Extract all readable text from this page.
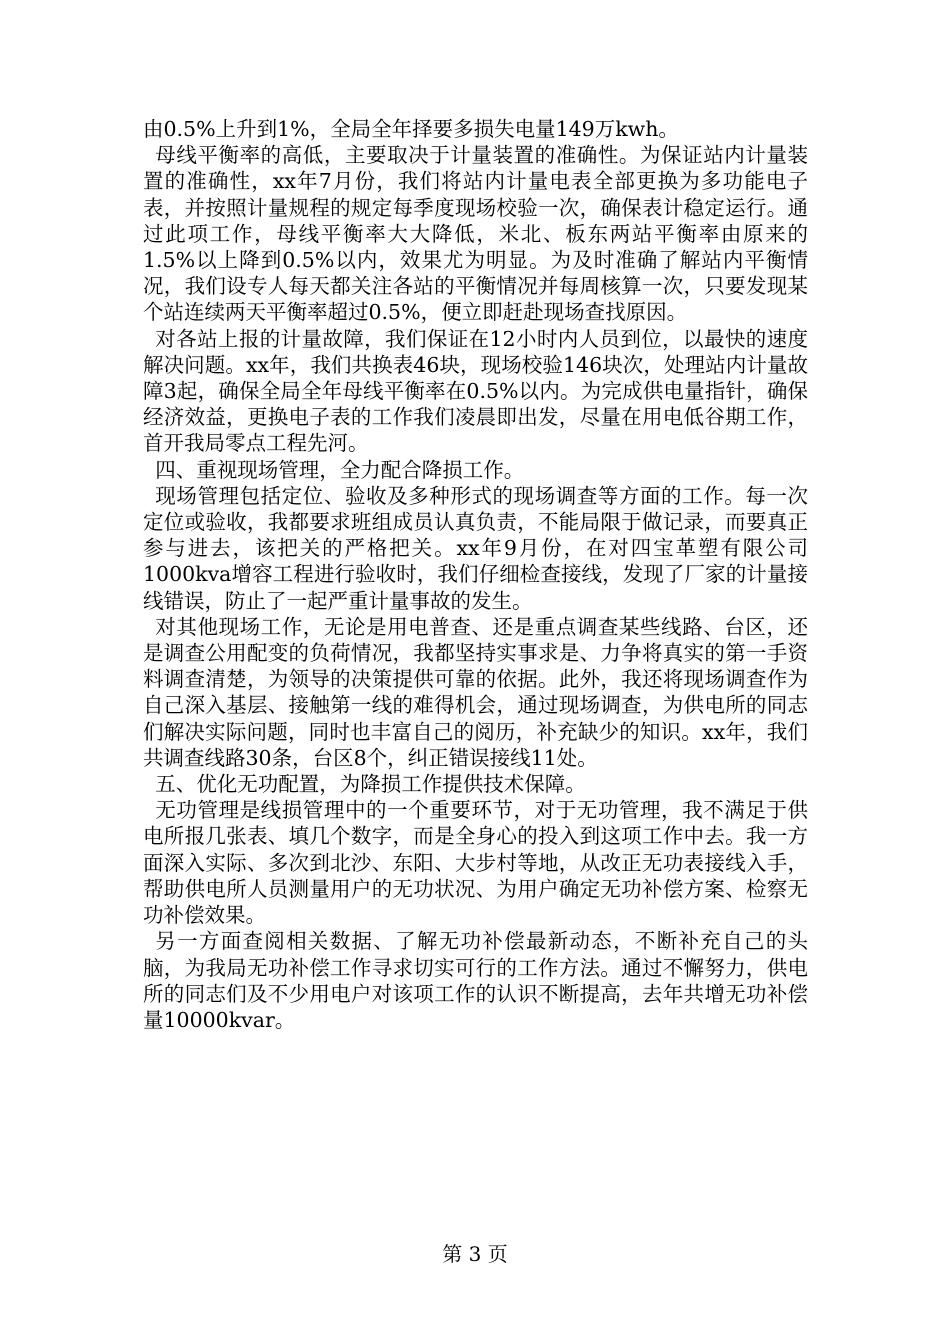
由0.5%上升到1%，全局全年择要多损失电量149万kwh。

母线平衡率的高低，主要取决于计量装置的准确性。为保证站内计量装置的准确性，xx年7月份，我们将站内计量电表全部更换为多功能电子表，并按照计量规程的规定每季度现场校验一次，确保表计稳定运行。通过此项工作，母线平衡率大大降低，米北、板东两站平衡率由原来的1.5%以上降到0.5%以内，效果尤为明显。为及时准确了解站内平衡情况，我们设专人每天都关注各站的平衡情况并每周核算一次，只要发现某个站连续两天平衡率超过0.5%，便立即赶赴现场查找原因。

对各站上报的计量故障，我们保证在12小时内人员到位，以最快的速度解决问题。xx年，我们共换表46块，现场校验146块次，处理站内计量故障3起，确保全局全年母线平衡率在0.5%以内。为完成供电量指针，确保经济效益，更换电子表的工作我们凌晨即出发，尽量在用电低谷期工作，首开我局零点工程先河。

四、重视现场管理，全力配合降损工作。

现场管理包括定位、验收及多种形式的现场调查等方面的工作。每一次定位或验收，我都要求班组成员认真负责，不能局限于做记录，而要真正参与进去，该把关的严格把关。xx年9月份，在对四宝革塑有限公司1000kva增容工程进行验收时，我们仔细检查接线，发现了厂家的计量接线错误，防止了一起严重计量事故的发生。

对其他现场工作，无论是用电普查、还是重点调查某些线路、台区，还是调查公用配变的负荷情况，我都坚持实事求是、力争将真实的第一手资料调查清楚，为领导的决策提供可靠的依据。此外，我还将现场调查作为自己深入基层、接触第一线的难得机会，通过现场调查，为供电所的同志们解决实际问题，同时也丰富自己的阅历，补充缺少的知识。xx年，我们共调查线路30条，台区8个，纠正错误接线11处。

五、优化无功配置，为降损工作提供技术保障。

无功管理是线损管理中的一个重要环节，对于无功管理，我不满足于供电所报几张表、填几个数字，而是全身心的投入到这项工作中去。我一方面深入实际、多次到北沙、东阳、大步村等地，从改正无功表接线入手，帮助供电所人员测量用户的无功状况、为用户确定无功补偿方案、检察无功补偿效果。

另一方面查阅相关数据、了解无功补偿最新动态，不断补充自己的头脑，为我局无功补偿工作寻求切实可行的工作方法。通过不懈努力，供电所的同志们及不少用电户对该项工作的认识不断提高，去年共增无功补偿量10000kvar。

第 3 页
